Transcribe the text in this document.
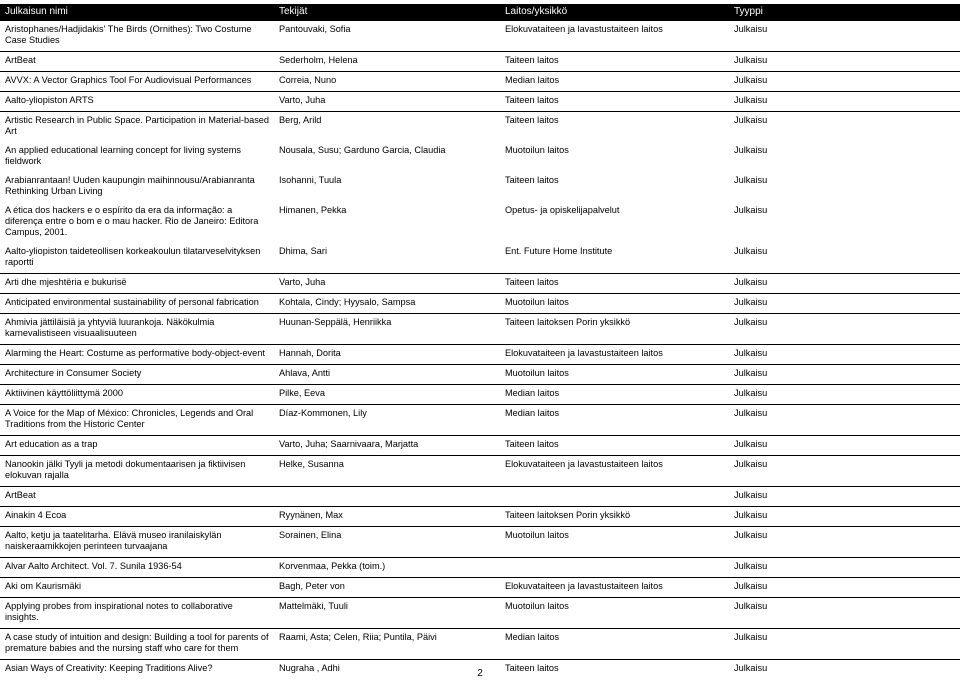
Julkaisun nimi	Tekijät	Laitos/yksikkö	Tyyppi
Aristophanes/Hadjidakis' The Birds (Ornithes): Two Costume Case Studies	Pantouvaki, Sofia	Elokuvataiteen ja lavastustaiteen laitos	Julkaisu
ArtBeat	Sederholm, Helena	Taiteen laitos	Julkaisu
AVVX: A Vector Graphics Tool For Audiovisual Performances	Correia, Nuno	Median laitos	Julkaisu
Aalto-yliopiston ARTS	Varto, Juha	Taiteen laitos	Julkaisu
Artistic Research in Public Space. Participation in Material-based Art	Berg, Arild	Taiteen laitos	Julkaisu
An applied educational learning concept for living systems fieldwork	Nousala, Susu; Garduno Garcia, Claudia	Muotoilun laitos	Julkaisu
Arabianrantaan! Uuden kaupungin maihinnousu/Arabianranta Rethinking Urban Living	Isohanni, Tuula	Taiteen laitos	Julkaisu
A ética dos hackers e o espírito da era da informação: a diferença entre o bom e o mau hacker. Rio de Janeiro: Editora Campus, 2001.	Himanen, Pekka	Opetus- ja opiskelijapalvelut	Julkaisu
Aalto-yliopiston taideteollisen korkeakoulun tilatarveselvityksen raportti	Dhima, Sari	Ent. Future Home Institute	Julkaisu
Arti dhe mjeshtëria e bukurisë	Varto, Juha	Taiteen laitos	Julkaisu
Anticipated environmental sustainability of personal fabrication	Kohtala, Cindy; Hyysalo, Sampsa	Muotoilun laitos	Julkaisu
Ahmivia jättiläisiä ja yhtyviä luurankoja. Näkökulmia karnevalistiseen visuaalisuuteen	Huunan-Seppälä, Henriikka	Taiteen laitoksen Porin yksikkö	Julkaisu
Alarming the Heart: Costume as performative body-object-event	Hannah, Dorita	Elokuvataiteen ja lavastustaiteen laitos	Julkaisu
Architecture in Consumer Society	Ahlava, Antti	Muotoilun laitos	Julkaisu
Aktiivinen käyttöliittymä 2000	Pilke, Eeva	Median laitos	Julkaisu
A Voice for the Map of México: Chronicles, Legends and Oral Traditions from the Historic Center	Díaz-Kommonen, Lily	Median laitos	Julkaisu
Art education as a trap	Varto, Juha; Saarnivaara, Marjatta	Taiteen laitos	Julkaisu
Nanookin jälki Tyyli ja metodi dokumentaarisen ja fiktiivisen elokuvan rajalla	Helke, Susanna	Elokuvataiteen ja lavastustaiteen laitos	Julkaisu
ArtBeat			Julkaisu
Ainakin 4 Ecoa	Ryynänen, Max	Taiteen laitoksen Porin yksikkö	Julkaisu
Aalto, ketju ja taatelitarha. Elävä museo iranilaiskylän naiskeraamikkojen perinteen turvaajana	Sorainen, Elina	Muotoilun laitos	Julkaisu
Alvar Aalto Architect. Vol. 7. Sunila 1936-54	Korvenmaa, Pekka (toim.)		Julkaisu
Aki om Kaurismäki	Bagh, Peter von	Elokuvataiteen ja lavastustaiteen laitos	Julkaisu
Applying probes from inspirational notes to collaborative insights.	Mattelmäki, Tuuli	Muotoilun laitos	Julkaisu
A case study of intuition and design: Building a tool for parents of premature babies and the nursing staff who care for them	Raami, Asta; Celen, Riia; Puntila, Päivi	Median laitos	Julkaisu
Asian Ways of Creativity: Keeping Traditions Alive?	Nugraha , Adhi	Taiteen laitos	Julkaisu
2
